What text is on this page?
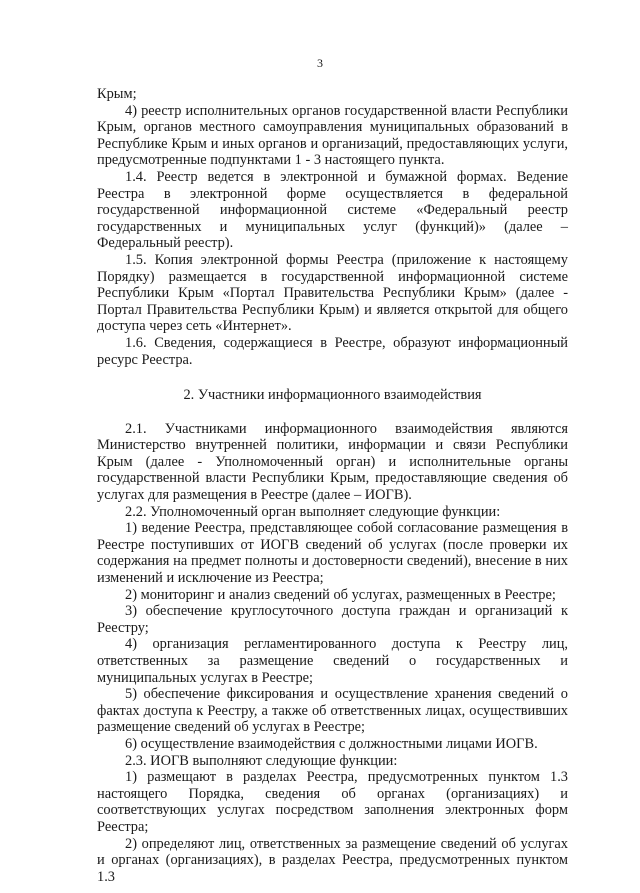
3

Крым;

4) реестр исполнительных органов государственной власти Республики Крым, органов местного самоуправления муниципальных образований в Республике Крым и иных органов и организаций, предоставляющих услуги, предусмотренные подпунктами 1 - 3 настоящего пункта.

1.4. Реестр ведется в электронной и бумажной формах. Ведение Реестра в электронной форме осуществляется в федеральной государственной информационной системе «Федеральный реестр государственных и муниципальных услуг (функций)» (далее – Федеральный реестр).

1.5. Копия электронной формы Реестра (приложение к настоящему Порядку) размещается в государственной информационной системе Республики Крым «Портал Правительства Республики Крым» (далее - Портал Правительства Республики Крым) и является открытой для общего доступа через сеть «Интернет».

1.6. Сведения, содержащиеся в Реестре, образуют информационный ресурс Реестра.

2. Участники информационного взаимодействия

2.1. Участниками информационного взаимодействия являются Министерство внутренней политики, информации и связи Республики Крым (далее - Уполномоченный орган) и исполнительные органы государственной власти Республики Крым, предоставляющие сведения об услугах для размещения в Реестре (далее – ИОГВ).

2.2. Уполномоченный орган выполняет следующие функции:

1) ведение Реестра, представляющее собой согласование размещения в Реестре поступивших от ИОГВ сведений об услугах (после проверки их содержания на предмет полноты и достоверности сведений), внесение в них изменений и исключение из Реестра;

2) мониторинг и анализ сведений об услугах, размещенных в Реестре;

3) обеспечение круглосуточного доступа граждан и организаций к Реестру;

4) организация регламентированного доступа к Реестру лиц, ответственных за размещение сведений о государственных и муниципальных услугах в Реестре;

5) обеспечение фиксирования и осуществление хранения сведений о фактах доступа к Реестру, а также об ответственных лицах, осуществивших размещение сведений об услугах в Реестре;

6) осуществление взаимодействия с должностными лицами ИОГВ.

2.3. ИОГВ выполняют следующие функции:

1) размещают в разделах Реестра, предусмотренных пунктом 1.3 настоящего Порядка, сведения об органах (организациях) и соответствующих услугах посредством заполнения электронных форм Реестра;

2) определяют лиц, ответственных за размещение сведений об услугах и органах (организациях), в разделах Реестра, предусмотренных пунктом 1.3
